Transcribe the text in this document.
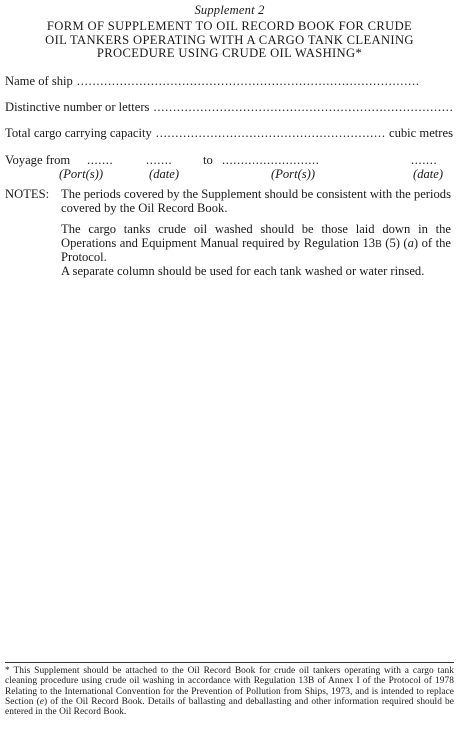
Supplement 2
FORM OF SUPPLEMENT TO OIL RECORD BOOK FOR CRUDE
OIL TANKERS OPERATING WITH A CARGO TANK CLEANING
PROCEDURE USING CRUDE OIL WASHING*
Name of ship
. . .
Distinctive number or letters
. . .
Total cargo carrying capacity
. . .	cubic metres
Voyage from .......	....... to ..........................	.......
(Port(s))	(date)	(Port(s))	(date)
NOTES: The periods covered by the Supplement should be consistent with the periods covered by the Oil Record Book.
The cargo tanks crude oil washed should be those laid down in the Operations and Equipment Manual required by Regulation 13B (5) (a) of the Protocol.
A separate column should be used for each tank washed or water rinsed.
* This Supplement should be attached to the Oil Record Book for crude oil tankers operating with a cargo tank cleaning procedure using crude oil washing in accordance with Regulation 13B of Annex I of the Protocol of 1978 Relating to the International Convention for the Prevention of Pollution from Ships, 1973, and is intended to replace Section (e) of the Oil Record Book. Details of ballasting and deballasting and other information required should be entered in the Oil Record Book.
